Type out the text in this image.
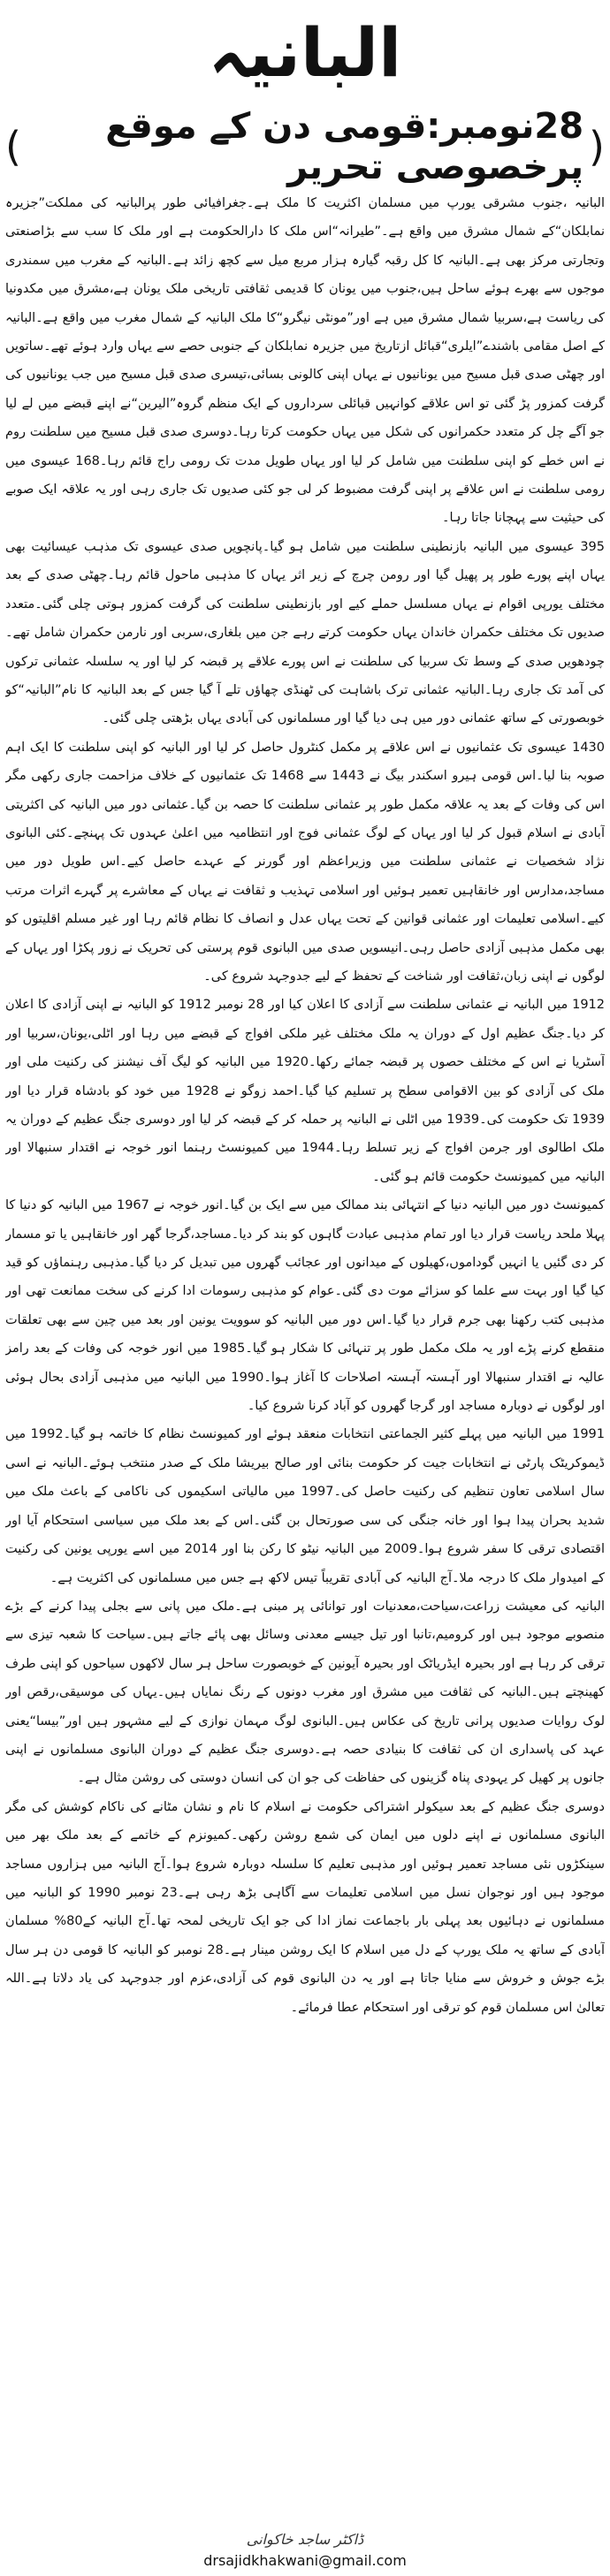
البانیہ
(
28نومبر:قومی دن کے موقع پرخصوصی تحریر
)

البانیہ ،جنوب مشرقی یورپ میں مسلمان اکثریت کا ملک ہے۔جغرافیائی طور پرالبانیہ کی مملکت”جزیرہ نمابلکان“کے شمال مشرق میں واقع ہے۔”طیرانہ“اس ملک کا دارالحکومت ہے اور ملک کا سب سے بڑاصنعتی وتجارتی مرکز بھی ہے۔البانیہ کا کل رقبہ گیارہ ہزار مربع میل سے کچھ زائد ہے۔البانیہ کے مغرب میں سمندری موجوں سے بھرے ہوئے ساحل ہیں،جنوب میں یونان کا قدیمی ثقافتی تاریخی ملک یونان ہے،مشرق میں مکدونیا کی ریاست ہے،سربیا شمال مشرق میں ہے اور”مونٹی نیگرو“کا ملک البانیہ کے شمال مغرب میں واقع ہے۔البانیہ کے اصل مقامی باشندے”ایلری“قبائل ازتاریخ میں جزیرہ نمابلکان کے جنوبی حصے سے یہاں وارد ہوئے تھے۔ساتویں اور چھٹی صدی قبل مسیح میں یونانیوں نے یہاں اپنی کالونی بسائی،تیسری صدی قبل مسیح میں جب یونانیوں کی گرفت کمزور پڑ گئی تو اس علاقے کوانہیں قبائلی سرداروں کے ایک منظم گروہ”الیرین“نے اپنے قبضے میں لے لیا جو آگے چل کر متعدد حکمرانوں کی شکل میں یہاں حکومت کرتا رہا۔دوسری صدی قبل مسیح میں سلطنت روم نے اس خطے کو اپنی سلطنت میں شامل کر لیا اور یہاں طویل مدت تک رومی راج قائم رہا۔168 عیسوی میں رومی سلطنت نے اس علاقے پر اپنی گرفت مضبوط کر لی جو کئی صدیوں تک جاری رہی اور یہ علاقہ ایک صوبے کی حیثیت سے پہچانا جاتا رہا۔

395 عیسوی میں البانیہ بازنطینی سلطنت میں شامل ہو گیا۔پانچویں صدی عیسوی تک مذہب عیسائیت بھی یہاں اپنے پورے طور پر پھیل گیا اور رومن چرچ کے زیر اثر یہاں کا مذہبی ماحول قائم رہا۔چھٹی صدی کے بعد مختلف یورپی اقوام نے یہاں مسلسل حملے کیے اور بازنطینی سلطنت کی گرفت کمزور ہوتی چلی گئی۔متعدد صدیوں تک مختلف حکمران خاندان یہاں حکومت کرتے رہے جن میں بلغاری،سربی اور نارمن حکمران شامل تھے۔چودھویں صدی کے وسط تک سربیا کی سلطنت نے اس پورے علاقے پر قبضہ کر لیا اور یہ سلسلہ عثمانی ترکوں کی آمد تک جاری رہا۔البانیہ عثمانی ترک باشاہت کی ٹھنڈی چھاؤں تلے آ گیا جس کے بعد البانیہ کا نام”البانیہ“کو خوبصورتی کے ساتھ عثمانی دور میں ہی دیا گیا اور مسلمانوں کی آبادی یہاں بڑھتی چلی گئی۔

1430 عیسوی تک عثمانیوں نے اس علاقے پر مکمل کنٹرول حاصل کر لیا اور البانیہ کو اپنی سلطنت کا ایک اہم صوبہ بنا لیا۔اس قومی ہیرو اسکندر بیگ نے 1443 سے 1468 تک عثمانیوں کے خلاف مزاحمت جاری رکھی مگر اس کی وفات کے بعد یہ علاقہ مکمل طور پر عثمانی سلطنت کا حصہ بن گیا۔عثمانی دور میں البانیہ کی اکثریتی آبادی نے اسلام قبول کر لیا اور یہاں کے لوگ عثمانی فوج اور انتظامیہ میں اعلیٰ عہدوں تک پہنچے۔کئی البانوی نژاد شخصیات نے عثمانی سلطنت میں وزیراعظم اور گورنر کے عہدے حاصل کیے۔اس طویل دور میں مساجد،مدارس اور خانقاہیں تعمیر ہوئیں اور اسلامی تہذیب و ثقافت نے یہاں کے معاشرے پر گہرے اثرات مرتب کیے۔اسلامی تعلیمات اور عثمانی قوانین کے تحت یہاں عدل و انصاف کا نظام قائم رہا اور غیر مسلم اقلیتوں کو بھی مکمل مذہبی آزادی حاصل رہی۔انیسویں صدی میں البانوی قوم پرستی کی تحریک نے زور پکڑا اور یہاں کے لوگوں نے اپنی زبان،ثقافت اور شناخت کے تحفظ کے لیے جدوجہد شروع کی۔

1912 میں البانیہ نے عثمانی سلطنت سے آزادی کا اعلان کیا اور 28 نومبر 1912 کو البانیہ نے اپنی آزادی کا اعلان کر دیا۔جنگ عظیم اول کے دوران یہ ملک مختلف غیر ملکی افواج کے قبضے میں رہا اور اٹلی،یونان،سربیا اور آسٹریا نے اس کے مختلف حصوں پر قبضہ جمائے رکھا۔1920 میں البانیہ کو لیگ آف نیشنز کی رکنیت ملی اور ملک کی آزادی کو بین الاقوامی سطح پر تسلیم کیا گیا۔احمد زوگو نے 1928 میں خود کو بادشاہ قرار دیا اور 1939 تک حکومت کی۔1939 میں اٹلی نے البانیہ پر حملہ کر کے قبضہ کر لیا اور دوسری جنگ عظیم کے دوران یہ ملک اطالوی اور جرمن افواج کے زیر تسلط رہا۔1944 میں کمیونسٹ رہنما انور خوجہ نے اقتدار سنبھالا اور البانیہ میں کمیونسٹ حکومت قائم ہو گئی۔

کمیونسٹ دور میں البانیہ دنیا کے انتہائی بند ممالک میں سے ایک بن گیا۔انور خوجہ نے 1967 میں البانیہ کو دنیا کا پہلا ملحد ریاست قرار دیا اور تمام مذہبی عبادت گاہوں کو بند کر دیا۔مساجد،گرجا گھر اور خانقاہیں یا تو مسمار کر دی گئیں یا انہیں گوداموں،کھیلوں کے میدانوں اور عجائب گھروں میں تبدیل کر دیا گیا۔مذہبی رہنماؤں کو قید کیا گیا اور بہت سے علما کو سزائے موت دی گئی۔عوام کو مذہبی رسومات ادا کرنے کی سخت ممانعت تھی اور مذہبی کتب رکھنا بھی جرم قرار دیا گیا۔اس دور میں البانیہ کو سوویت یونین اور بعد میں چین سے بھی تعلقات منقطع کرنے پڑے اور یہ ملک مکمل طور پر تنہائی کا شکار ہو گیا۔1985 میں انور خوجہ کی وفات کے بعد رامز عالیہ نے اقتدار سنبھالا اور آہستہ آہستہ اصلاحات کا آغاز ہوا۔1990 میں البانیہ میں مذہبی آزادی بحال ہوئی اور لوگوں نے دوبارہ مساجد اور گرجا گھروں کو آباد کرنا شروع کیا۔

1991 میں البانیہ میں پہلے کثیر الجماعتی انتخابات منعقد ہوئے اور کمیونسٹ نظام کا خاتمہ ہو گیا۔1992 میں ڈیموکریٹک پارٹی نے انتخابات جیت کر حکومت بنائی اور صالح بیریشا ملک کے صدر منتخب ہوئے۔البانیہ نے اسی سال اسلامی تعاون تنظیم کی رکنیت حاصل کی۔1997 میں مالیاتی اسکیموں کی ناکامی کے باعث ملک میں شدید بحران پیدا ہوا اور خانہ جنگی کی سی صورتحال بن گئی۔اس کے بعد ملک میں سیاسی استحکام آیا اور اقتصادی ترقی کا سفر شروع ہوا۔2009 میں البانیہ نیٹو کا رکن بنا اور 2014 میں اسے یورپی یونین کی رکنیت کے امیدوار ملک کا درجہ ملا۔آج البانیہ کی آبادی تقریباً تیس لاکھ ہے جس میں مسلمانوں کی اکثریت ہے۔

البانیہ کی معیشت زراعت،سیاحت،معدنیات اور توانائی پر مبنی ہے۔ملک میں پانی سے بجلی پیدا کرنے کے بڑے منصوبے موجود ہیں اور کرومیم،تانبا اور تیل جیسے معدنی وسائل بھی پائے جاتے ہیں۔سیاحت کا شعبہ تیزی سے ترقی کر رہا ہے اور بحیرہ ایڈریاٹک اور بحیرہ آیونین کے خوبصورت ساحل ہر سال لاکھوں سیاحوں کو اپنی طرف کھینچتے ہیں۔البانیہ کی ثقافت میں مشرق اور مغرب دونوں کے رنگ نمایاں ہیں۔یہاں کی موسیقی،رقص اور لوک روایات صدیوں پرانی تاریخ کی عکاس ہیں۔البانوی لوگ مہمان نوازی کے لیے مشہور ہیں اور”بیسا“یعنی عہد کی پاسداری ان کی ثقافت کا بنیادی حصہ ہے۔دوسری جنگ عظیم کے دوران البانوی مسلمانوں نے اپنی جانوں پر کھیل کر یہودی پناہ گزینوں کی حفاظت کی جو ان کی انسان دوستی کی روشن مثال ہے۔

دوسری جنگ عظیم کے بعد سیکولر اشتراکی حکومت نے اسلام کا نام و نشان مٹانے کی ناکام کوشش کی مگر البانوی مسلمانوں نے اپنے دلوں میں ایمان کی شمع روشن رکھی۔کمیونزم کے خاتمے کے بعد ملک بھر میں سینکڑوں نئی مساجد تعمیر ہوئیں اور مذہبی تعلیم کا سلسلہ دوبارہ شروع ہوا۔آج البانیہ میں ہزاروں مساجد موجود ہیں اور نوجوان نسل میں اسلامی تعلیمات سے آگاہی بڑھ رہی ہے۔23 نومبر 1990 کو البانیہ میں مسلمانوں نے دہائیوں بعد پہلی بار باجماعت نماز ادا کی جو ایک تاریخی لمحہ تھا۔آج البانیہ کے80% مسلمان آبادی کے ساتھ یہ ملک یورپ کے دل میں اسلام کا ایک روشن مینار ہے۔28 نومبر کو البانیہ کا قومی دن ہر سال بڑے جوش و خروش سے منایا جاتا ہے اور یہ دن البانوی قوم کی آزادی،عزم اور جدوجہد کی یاد دلاتا ہے۔اللہ تعالیٰ اس مسلمان قوم کو ترقی اور استحکام عطا فرمائے۔

ڈاکٹر ساجد خاکوانی
drsajidkhakwani@gmail.com
